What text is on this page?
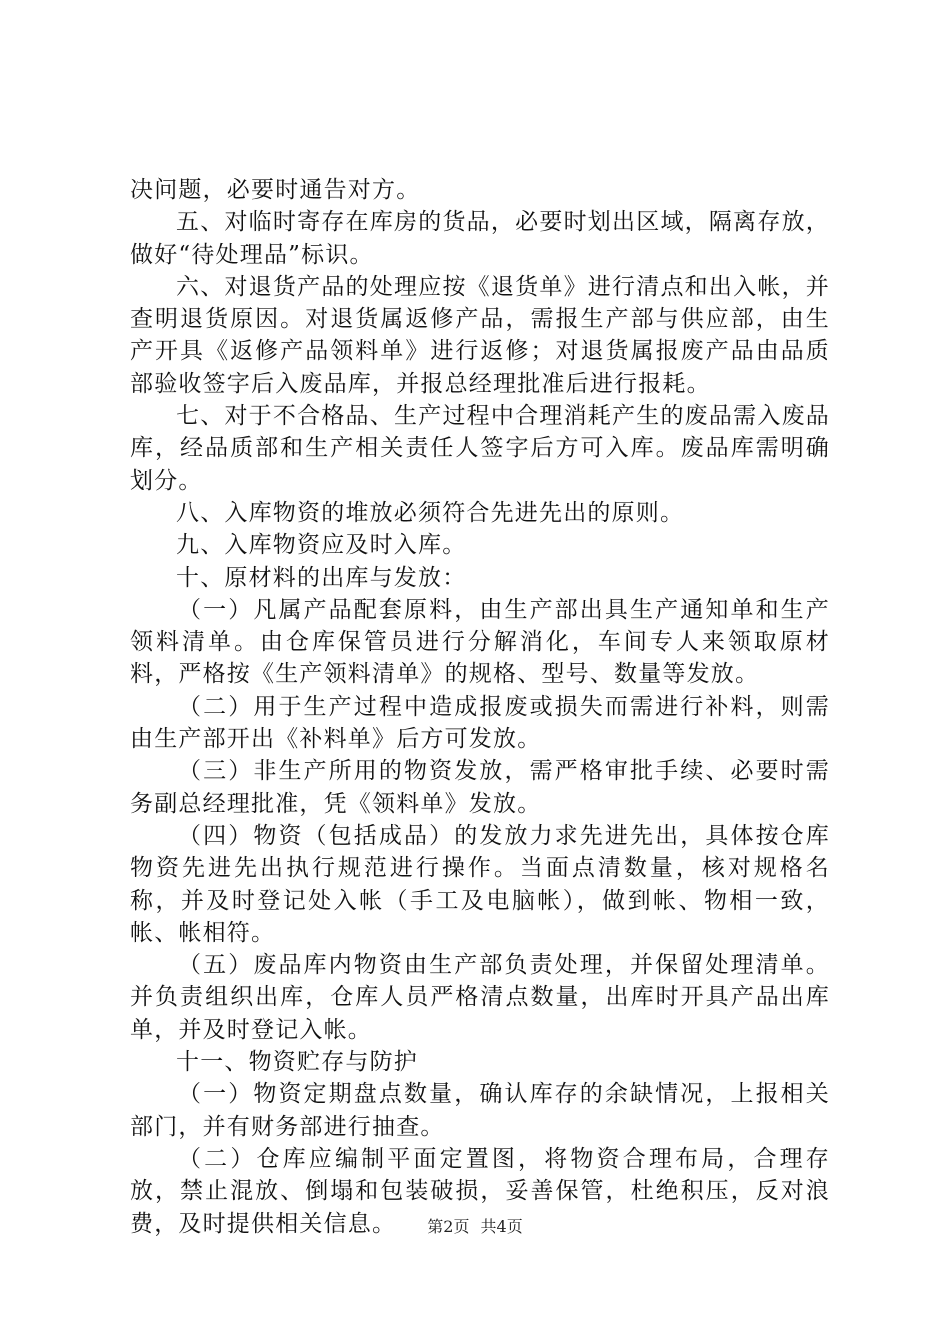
决问题，必要时通告对方。

五、对临时寄存在库房的货品，必要时划出区域，隔离存放，做好“待处理品”标识。

六、对退货产品的处理应按《退货单》进行清点和出入帐，并查明退货原因。对退货属返修产品，需报生产部与供应部，由生产开具《返修产品领料单》进行返修；对退货属报废产品由品质部验收签字后入废品库，并报总经理批准后进行报耗。

七、对于不合格品、生产过程中合理消耗产生的废品需入废品库，经品质部和生产相关责任人签字后方可入库。废品库需明确划分。

八、入库物资的堆放必须符合先进先出的原则。

九、入库物资应及时入库。

十、原材料的出库与发放：

（一）凡属产品配套原料，由生产部出具生产通知单和生产领料清单。由仓库保管员进行分解消化，车间专人来领取原材料，严格按《生产领料清单》的规格、型号、数量等发放。

（二）用于生产过程中造成报废或损失而需进行补料，则需由生产部开出《补料单》后方可发放。

（三）非生产所用的物资发放，需严格审批手续、必要时需务副总经理批准，凭《领料单》发放。

（四）物资（包括成品）的发放力求先进先出，具体按仓库物资先进先出执行规范进行操作。当面点清数量，核对规格名称，并及时登记处入帐（手工及电脑帐），做到帐、物相一致，帐、帐相符。

（五）废品库内物资由生产部负责处理，并保留处理清单。并负责组织出库，仓库人员严格清点数量，出库时开具产品出库单，并及时登记入帐。

十一、物资贮存与防护

（一）物资定期盘点数量，确认库存的余缺情况，上报相关部门，并有财务部进行抽查。

（二）仓库应编制平面定置图，将物资合理布局，合理存放，禁止混放、倒塌和包装破损，妥善保管，杜绝积压，反对浪费，及时提供相关信息。	第2页 共4页
